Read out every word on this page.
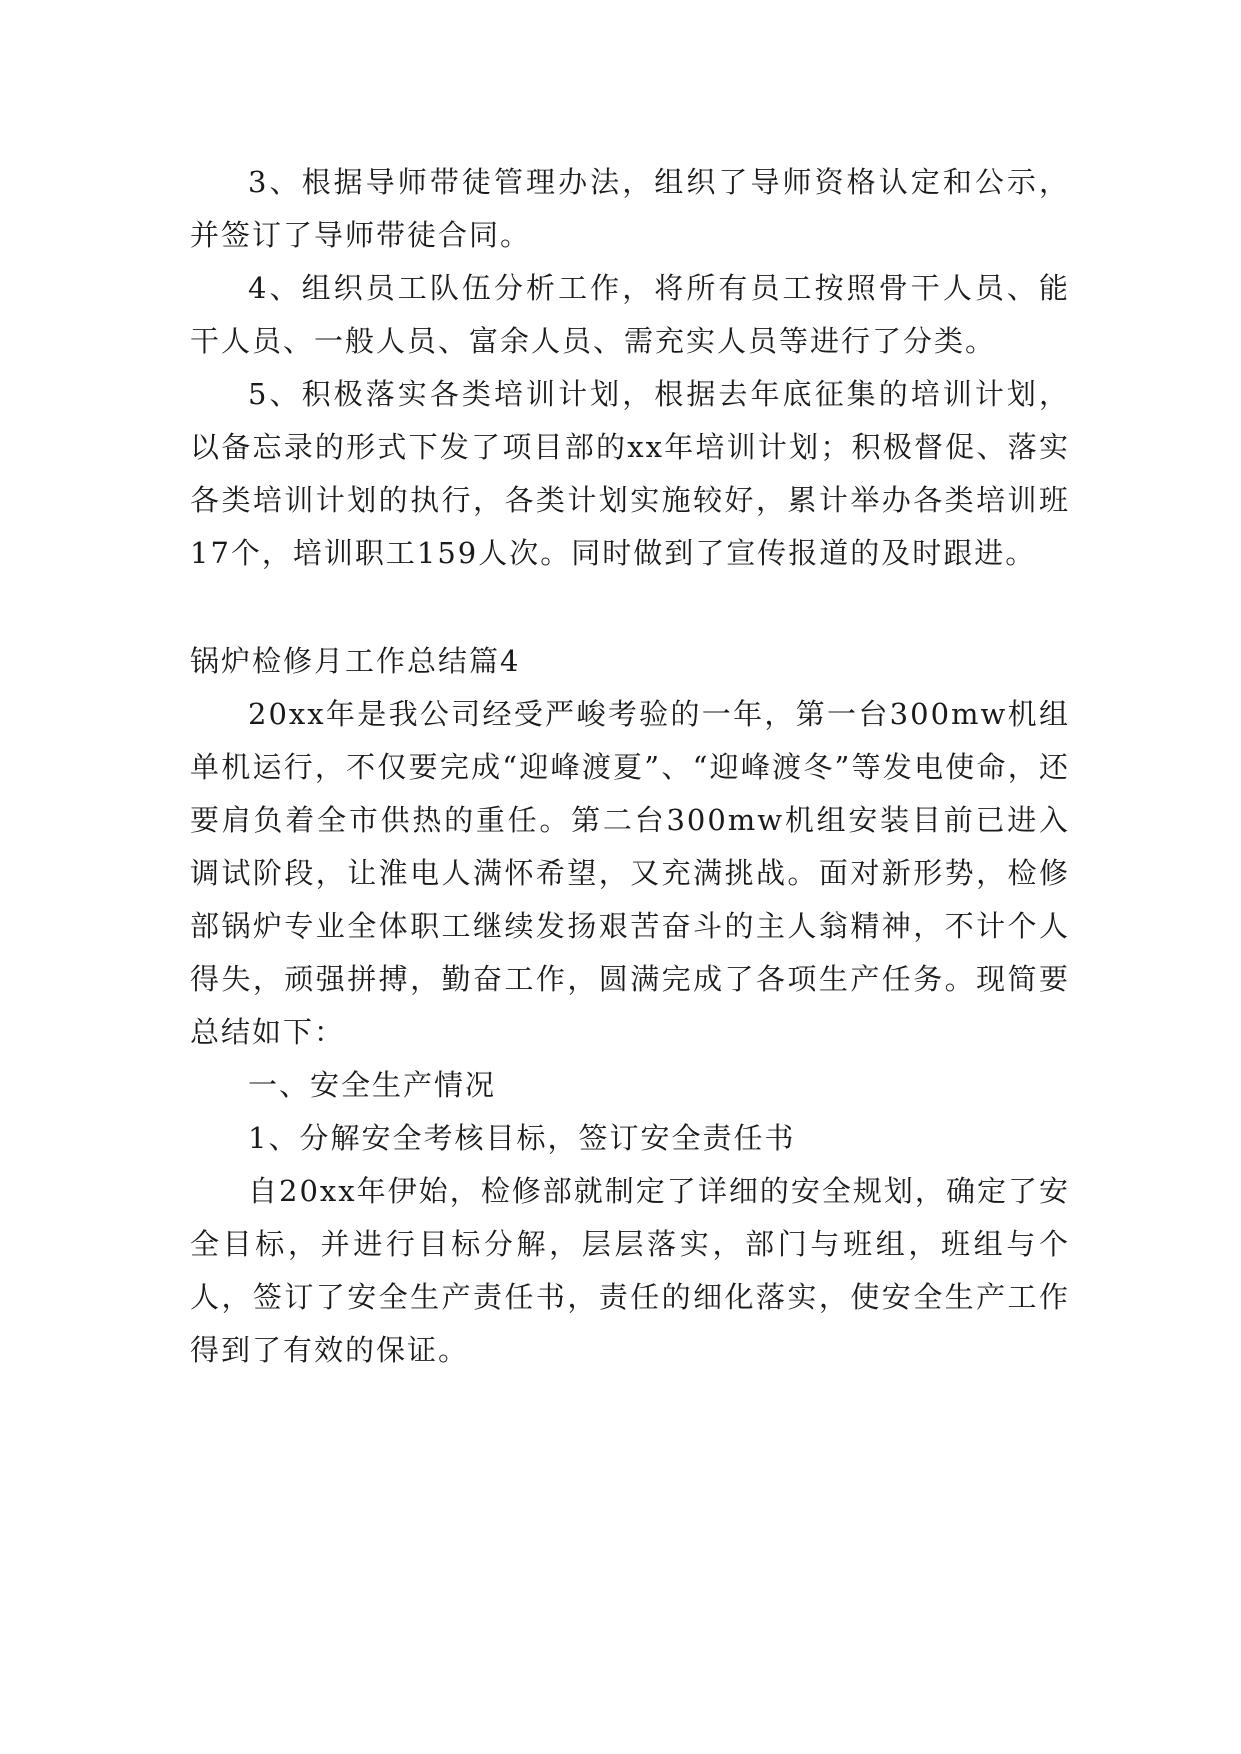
3、根据导师带徒管理办法，组织了导师资格认定和公示，并签订了导师带徒合同。

4、组织员工队伍分析工作，将所有员工按照骨干人员、能干人员、一般人员、富余人员、需充实人员等进行了分类。

5、积极落实各类培训计划，根据去年底征集的培训计划，以备忘录的形式下发了项目部的xx年培训计划；积极督促、落实各类培训计划的执行，各类计划实施较好，累计举办各类培训班17个，培训职工159人次。同时做到了宣传报道的及时跟进。

锅炉检修月工作总结篇4

20xx年是我公司经受严峻考验的一年，第一台300mw机组单机运行，不仅要完成“迎峰渡夏”、“迎峰渡冬”等发电使命，还要肩负着全市供热的重任。第二台300mw机组安装目前已进入调试阶段，让淮电人满怀希望，又充满挑战。面对新形势，检修部锅炉专业全体职工继续发扬艰苦奋斗的主人翁精神，不计个人得失，顽强拼搏，勤奋工作，圆满完成了各项生产任务。现简要总结如下：

一、安全生产情况

1、分解安全考核目标，签订安全责任书

自20xx年伊始，检修部就制定了详细的安全规划，确定了安全目标，并进行目标分解，层层落实，部门与班组，班组与个人，签订了安全生产责任书，责任的细化落实，使安全生产工作得到了有效的保证。
